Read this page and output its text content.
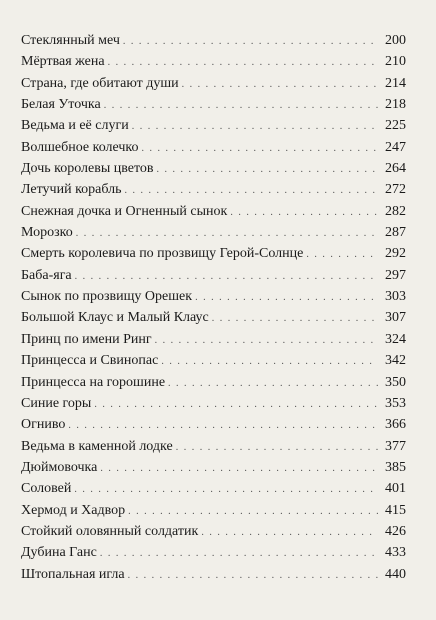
Стеклянный меч . . .	200
Мёртвая жена . . .	210
Страна, где обитают души . . .	214
Белая Уточка . . .	218
Ведьма и её слуги . . .	225
Волшебное колечко . . .	247
Дочь королевы цветов . . .	264
Летучий корабль . . .	272
Снежная дочка и Огненный сынок . . .	282
Морозко . . .	287
Смерть королевича по прозвищу Герой-Солнце . . .	292
Баба-яга . . .	297
Сынок по прозвищу Орешек . . .	303
Большой Клаус и Малый Клаус . . .	307
Принц по имени Ринг . . .	324
Принцесса и Свинопас . . .	342
Принцесса на горошине . . .	350
Синие горы . . .	353
Огниво . . .	366
Ведьма в каменной лодке . . .	377
Дюймовочка . . .	385
Соловей . . .	401
Хермод и Хадвор . . .	415
Стойкий оловянный солдатик . . .	426
Дубина Ганс . . .	433
Штопальная игла . . .	440
